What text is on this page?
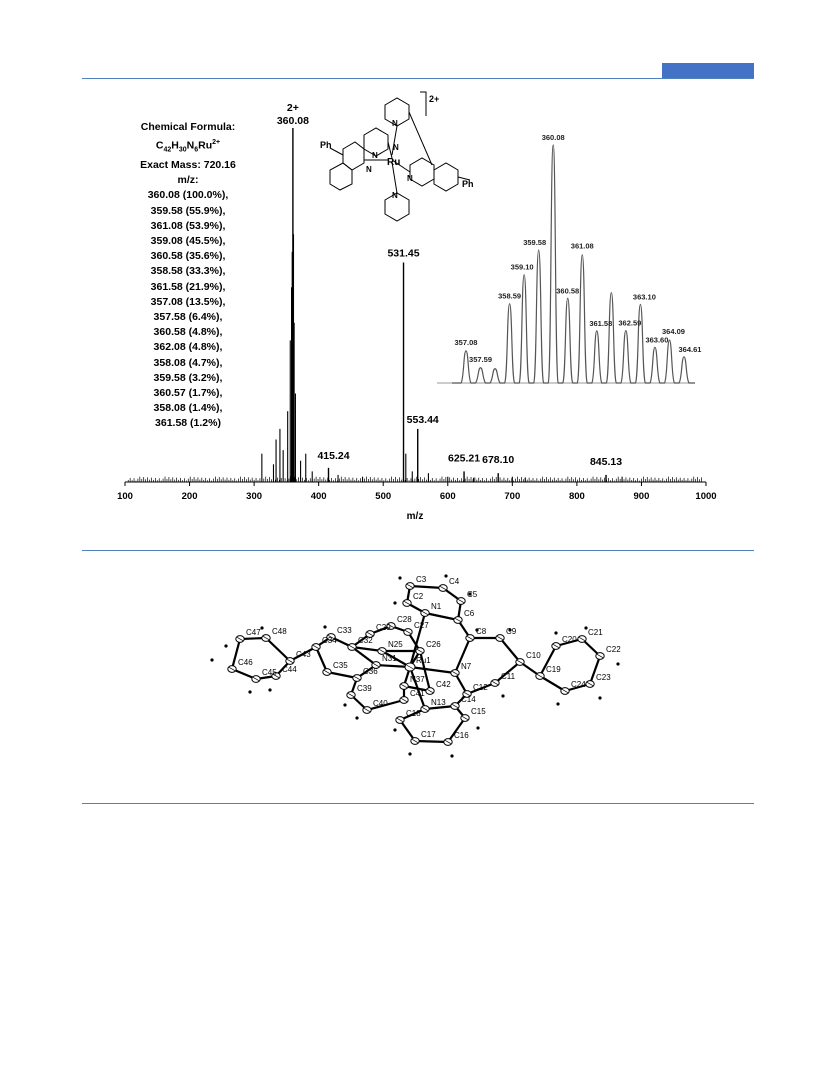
Chemical Formula:
$C_{42}H_{30}N_6Ru^{2+}$
Exact Mass: 720.16
m/z:
360.08 (100.0%),
359.58 (55.9%),
361.08 (53.9%),
359.08 (45.5%),
360.58 (35.6%),
358.58 (33.3%),
361.58 (21.9%),
357.08 (13.5%),
357.58 (6.4%),
360.58 (4.8%),
362.08 (4.8%),
358.08 (4.7%),
359.58 (3.2%),
360.57 (1.7%),
358.08 (1.4%),
361.58 (1.2%)
100	200	300	400	500	600	700	800	900	1000
m/z
360.08
2+
531.45
553.44
415.24	625.21 678.10	845.13
357.08
357.59
358.59
359.10
359.58
360.08
360.58
361.08
361.58 362.59
363.10
363.60
364.09
364.61
Ru
Ph
Ph
2+
N
N
N
N
N
N
C3	C4
C5
C2
N1
C6
C8 C9
C48
C47	C33	C29
C28
C27
C21
C20
C22
C34	C32 N25	C26
C10
C46
C43	N31 Ru1
N7	C19
C45 C44	C35
C36
N37
C42
C11
C24
C23
C39
C41
C12
C40	N13 C14
C15
C18
C17 C16
